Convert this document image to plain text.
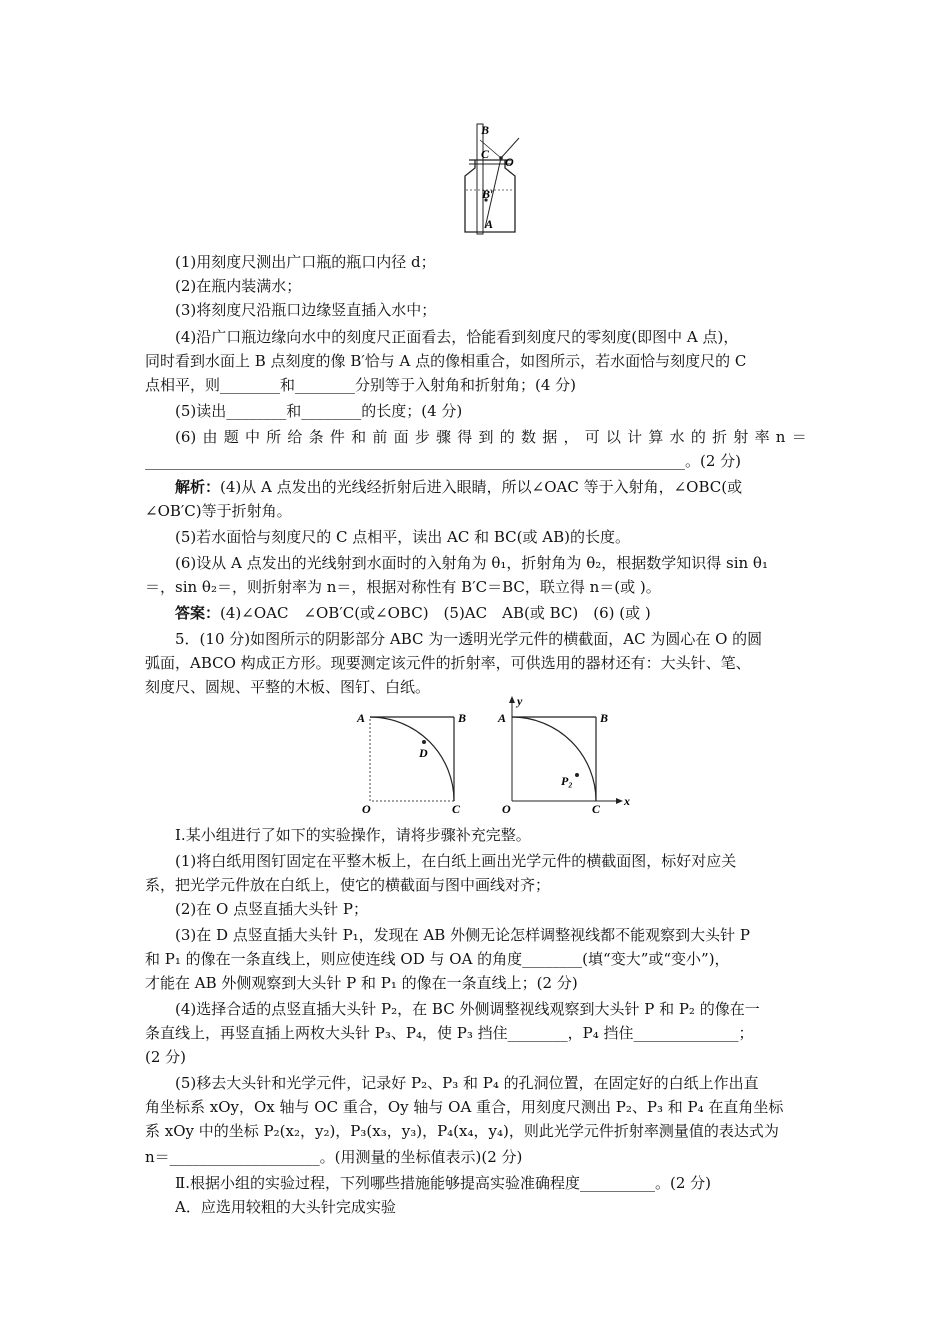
B
C
O
B′
A
(1)用刻度尺测出广口瓶的瓶口内径 d；
(2)在瓶内装满水；
(3)将刻度尺沿瓶口边缘竖直插入水中；
(4)沿广口瓶边缘向水中的刻度尺正面看去，恰能看到刻度尺的零刻度(即图中 A 点)，
同时看到水面上 B 点刻度的像 B′恰与 A 点的像相重合，如图所示，若水面恰与刻度尺的 C
点相平，则________和________分别等于入射角和折射角；(4 分)
(5)读出________和________的长度；(4 分)
(6) 由 题 中 所 给 条 件 和 前 面 步 骤 得 到 的 数 据 ， 可 以 计 算 水 的 折 射 率 n ＝
________________________________________________________________________。(2 分)
解析：(4)从 A 点发出的光线经折射后进入眼睛，所以∠OAC 等于入射角，∠OBC(或
∠OB′C)等于折射角。
(5)若水面恰与刻度尺的 C 点相平，读出 AC 和 BC(或 AB)的长度。
(6)设从 A 点发出的光线射到水面时的入射角为 θ₁，折射角为 θ₂，根据数学知识得 sin θ₁
＝，sin θ₂＝，则折射率为 n＝，根据对称性有 B′C＝BC，联立得 n＝(或 )。
答案：(4)∠OAC　∠OB′C(或∠OBC)　(5)AC　AB(或 BC)　(6) (或 )
5．(10 分)如图所示的阴影部分 ABC 为一透明光学元件的横截面，AC 为圆心在 O 的圆
弧面，ABCO 构成正方形。现要测定该元件的折射率，可供选用的器材还有：大头针、笔、
刻度尺、圆规、平整的木板、图钉、白纸。
A	B
D
O	C
y
A	B
P₂
O	C
x
Ⅰ.某小组进行了如下的实验操作，请将步骤补充完整。
(1)将白纸用图钉固定在平整木板上，在白纸上画出光学元件的横截面图，标好对应关
系，把光学元件放在白纸上，使它的横截面与图中画线对齐；
(2)在 O 点竖直插大头针 P；
(3)在 D 点竖直插大头针 P₁，发现在 AB 外侧无论怎样调整视线都不能观察到大头针 P
和 P₁ 的像在一条直线上，则应使连线 OD 与 OA 的角度________(填“变大”或“变小”)，
才能在 AB 外侧观察到大头针 P 和 P₁ 的像在一条直线上；(2 分)
(4)选择合适的点竖直插大头针 P₂，在 BC 外侧调整视线观察到大头针 P 和 P₂ 的像在一
条直线上，再竖直插上两枚大头针 P₃、P₄，使 P₃ 挡住________，P₄ 挡住______________；
(2 分)
(5)移去大头针和光学元件，记录好 P₂、P₃ 和 P₄ 的孔洞位置，在固定好的白纸上作出直
角坐标系 xOy，Ox 轴与 OC 重合，Oy 轴与 OA 重合，用刻度尺测出 P₂、P₃ 和 P₄ 在直角坐标
系 xOy 中的坐标 P₂(x₂，y₂)，P₃(x₃，y₃)，P₄(x₄，y₄)，则此光学元件折射率测量值的表达式为
n＝____________________。(用测量的坐标值表示)(2 分)
Ⅱ.根据小组的实验过程，下列哪些措施能够提高实验准确程度__________。(2 分)
A．应选用较粗的大头针完成实验
